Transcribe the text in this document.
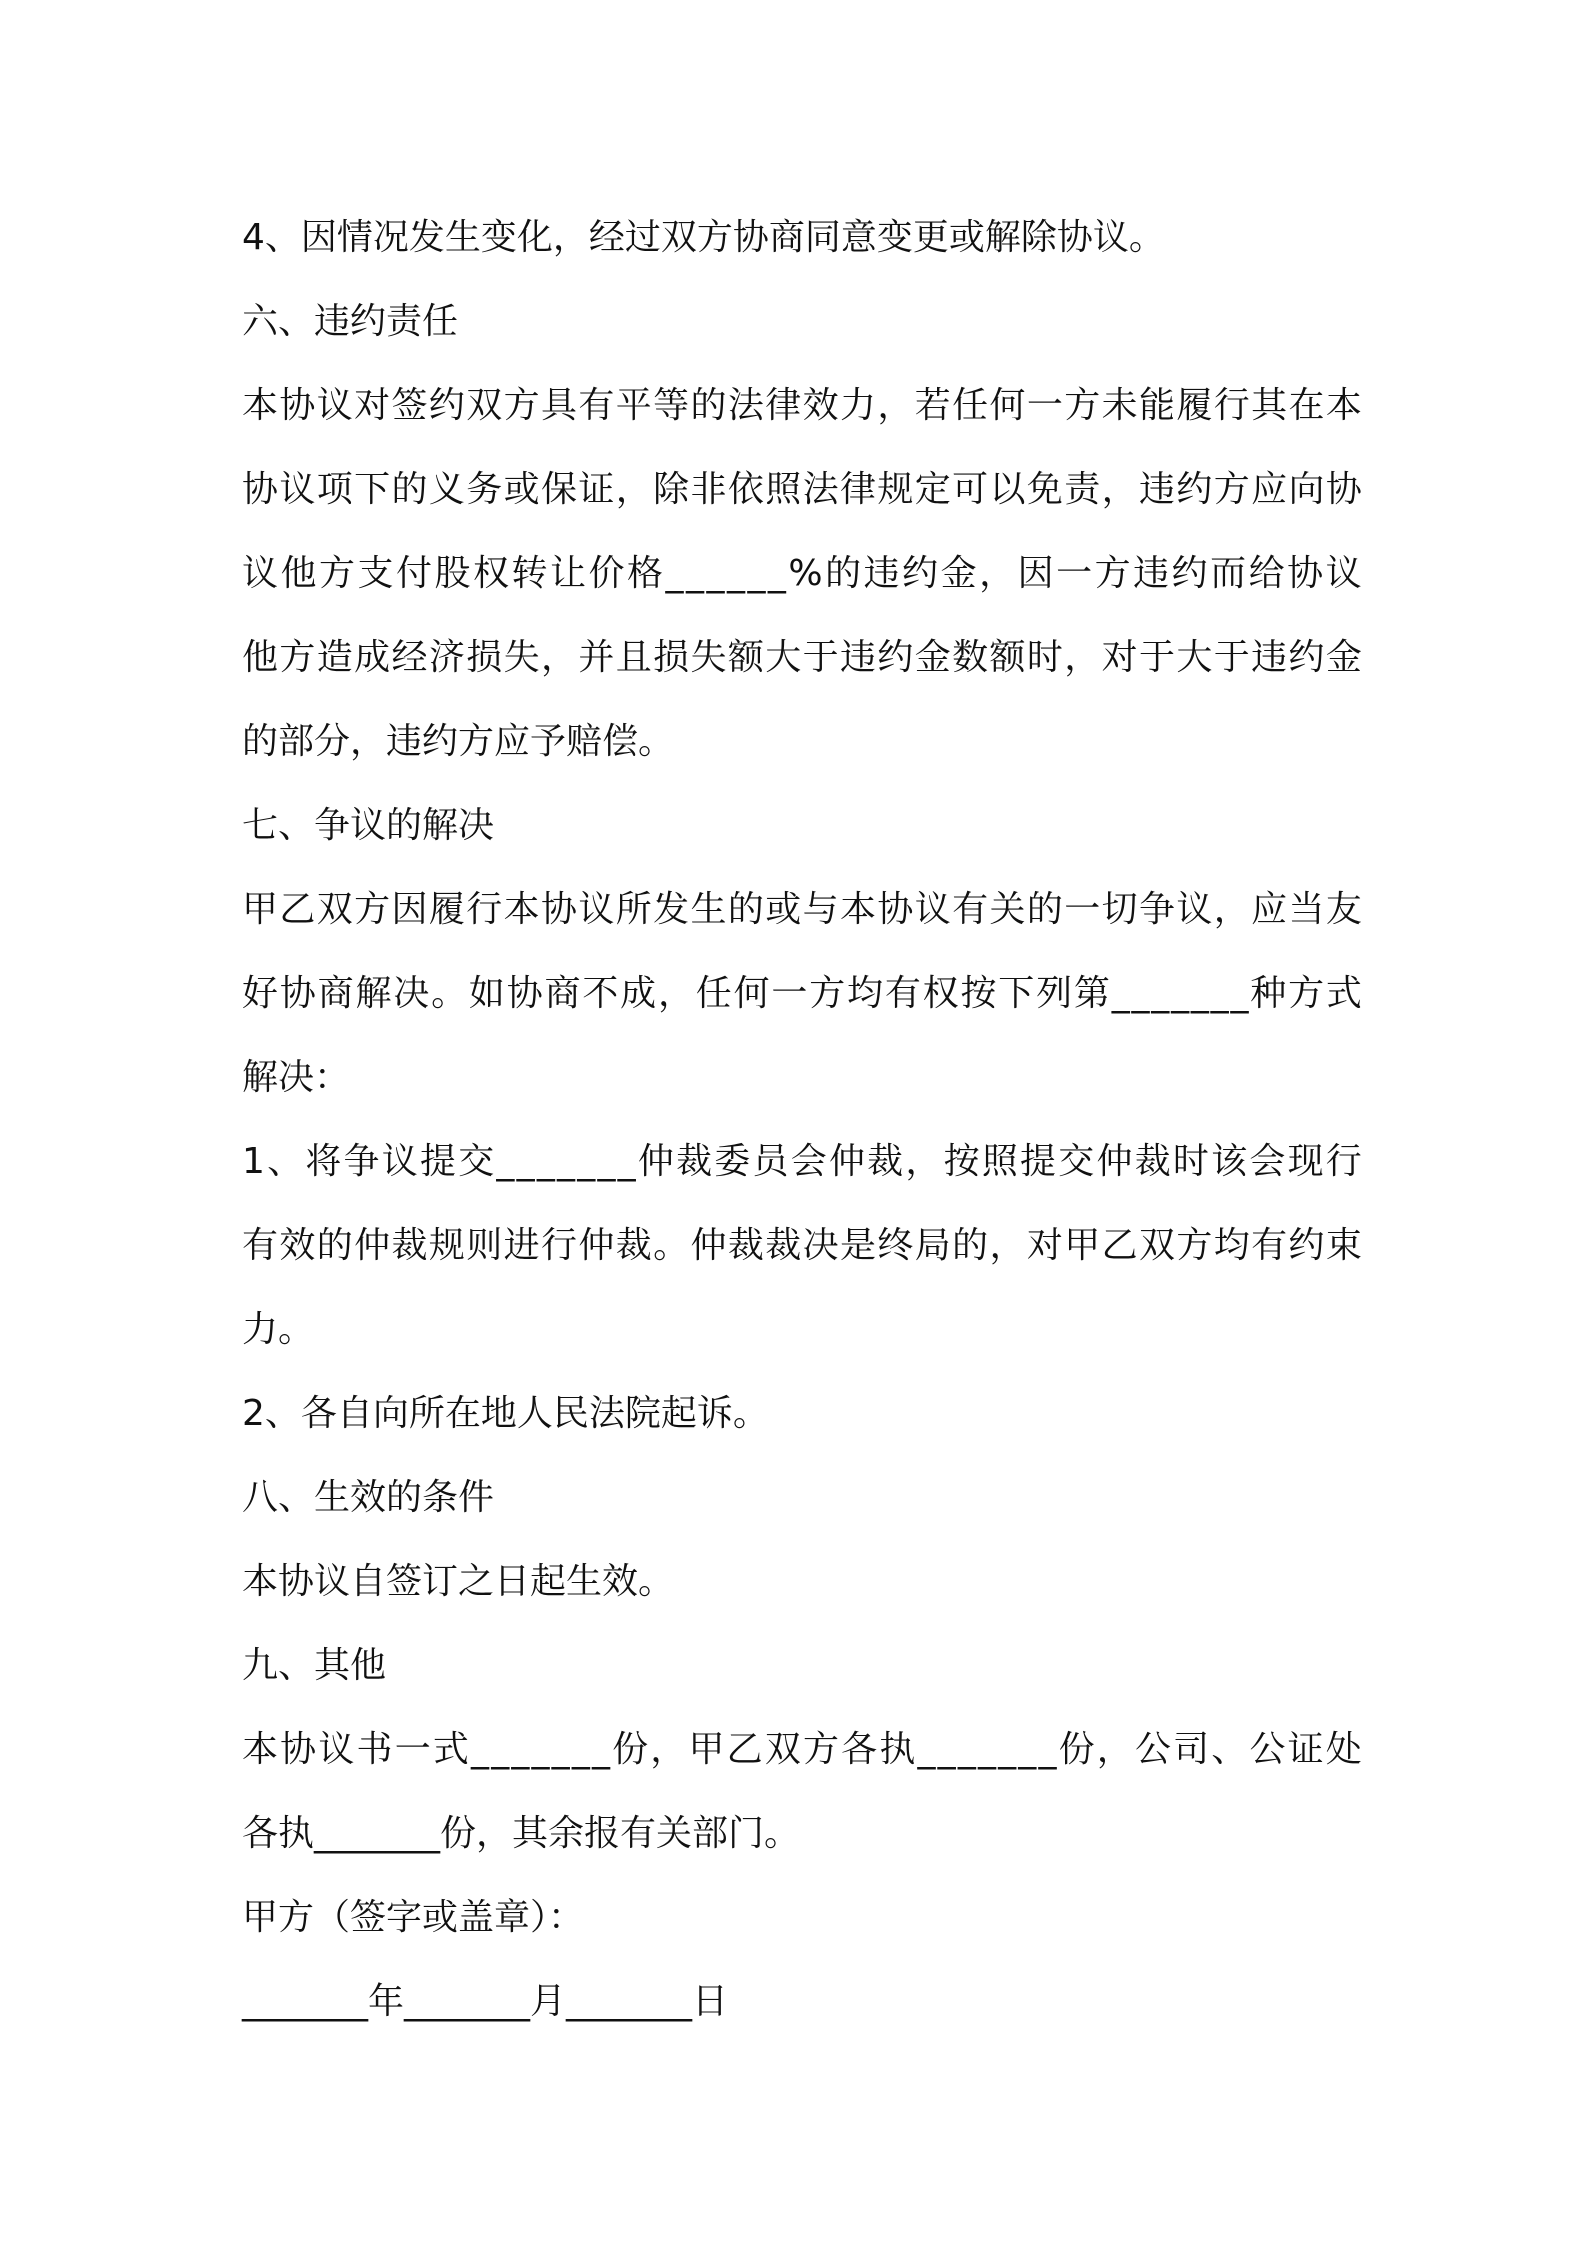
4、因情况发生变化，经过双方协商同意变更或解除协议。
六、违约责任
本 协 议 对 签 约 双 方 具 有 平 等 的 法 律 效 力 ， 若 任 何 一 方 未 能 履 行 其 在 本
协 议 项 下 的 义 务 或 保 证 ， 除 非 依 照 法 律 规 定 可 以 免 责 ， 违 约 方 应 向 协
议 他 方 支 付 股 权 转 让 价 格 _ _ _ _ _ _ % 的 违 约 金 ， 因 一 方 违 约 而 给 协 议
他 方 造 成 经 济 损 失 ， 并 且 损 失 额 大 于 违 约 金 数 额 时 ， 对 于 大 于 违 约 金
的部分，违约方应予赔偿。
七、争议的解决
甲 乙 双 方 因 履 行 本 协 议 所 发 生 的 或 与 本 协 议 有 关 的 一 切 争 议 ， 应 当 友
好 协 商 解 决 。 如 协 商 不 成 ， 任 何 一 方 均 有 权 按 下 列 第 _ _ _ _ _ _ _ 种 方 式
解决：
1 、 将 争 议 提 交 _ _ _ _ _ _ _ 仲 裁 委 员 会 仲 裁 ， 按 照 提 交 仲 裁 时 该 会 现 行
有 效 的 仲 裁 规 则 进 行 仲 裁 。 仲 裁 裁 决 是 终 局 的 ， 对 甲 乙 双 方 均 有 约 束
力。
2、各自向所在地人民法院起诉。
八、生效的条件
本协议自签订之日起生效。
九、其他
本 协 议 书 一 式 _ _ _ _ _ _ _ 份 ， 甲 乙 双 方 各 执 _ _ _ _ _ _ _ 份 ， 公 司 、 公 证 处
各执_______份，其余报有关部门。
甲方（签字或盖章）：
_______年_______月_______日
